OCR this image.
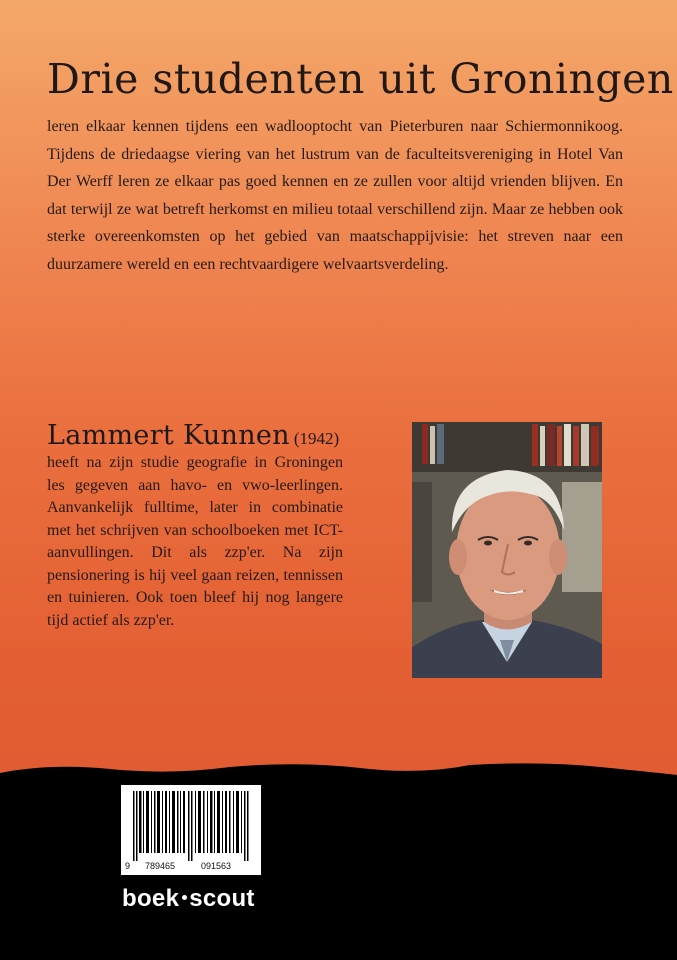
Drie studenten uit Groningen

leren elkaar kennen tijdens een wadlooptocht van Pieterburen naar Schiermonnikoog. Tijdens de driedaagse viering van het lustrum van de faculteitsvereniging in Hotel Van Der Werff leren ze elkaar pas goed kennen en ze zullen voor altijd vrienden blijven. En dat terwijl ze wat betreft herkomst en milieu totaal verschillend zijn. Maar ze hebben ook sterke overeenkomsten op het gebied van maatschappijvisie: het streven naar een duurzamere wereld en een rechtvaardigere welvaartsverdeling.

Lammert Kunnen (1942)

heeft na zijn studie geografie in Groningen les gegeven aan havo- en vwo-leerlingen. Aanvankelijk fulltime, later in combinatie met het schrijven van schoolboeken met ICT-aanvullingen. Dit als zzp'er. Na zijn pensionering is hij veel gaan reizen, tennissen en tuinieren. Ook toen bleef hij nog langere tijd actief als zzp'er.

9 789465	091563
boek scout
